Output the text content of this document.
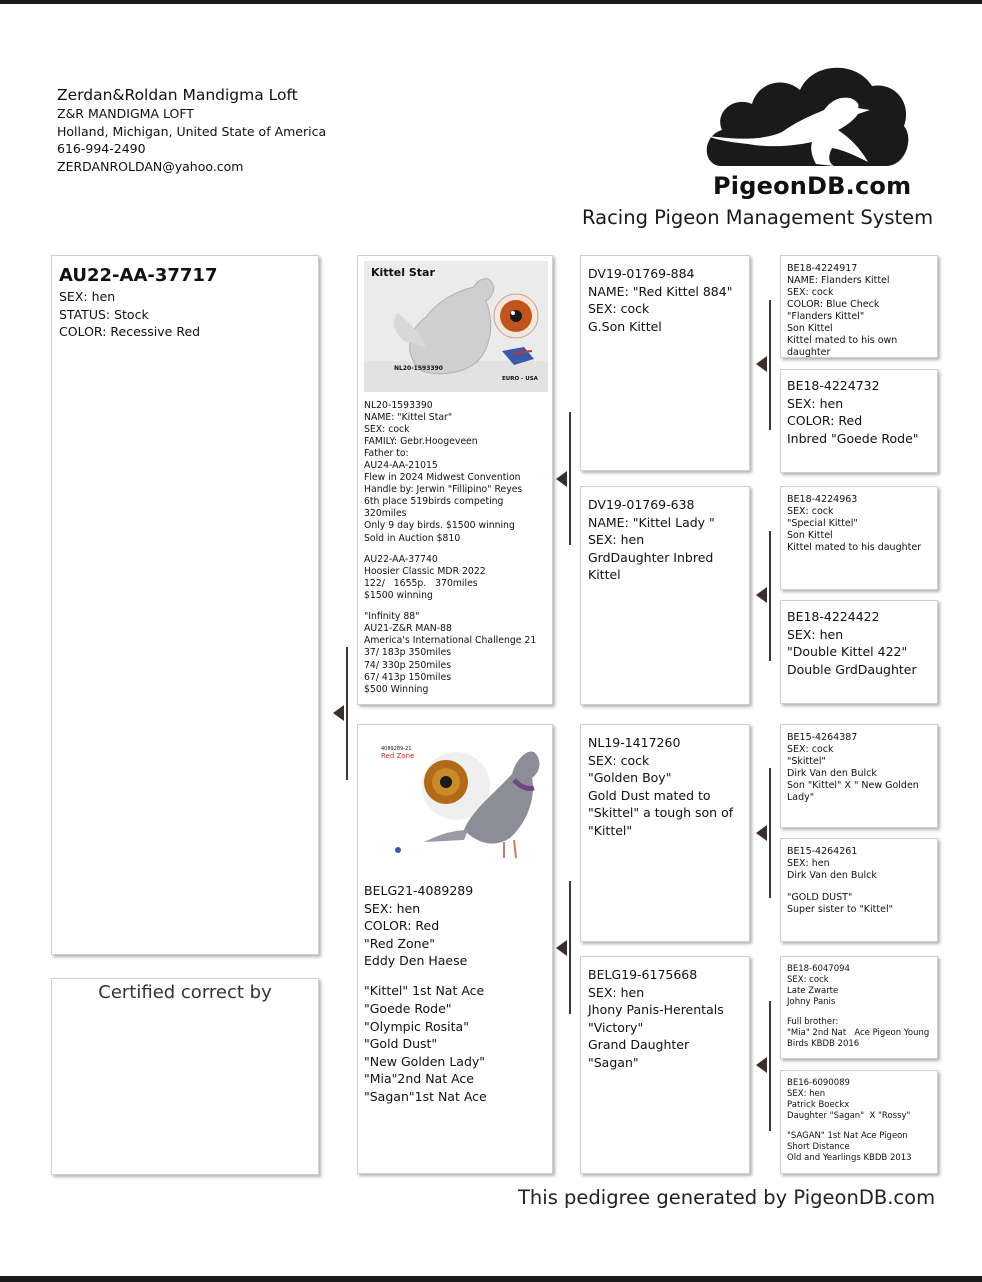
Zerdan&Roldan Mandigma Loft
Z&R MANDIGMA LOFT
Holland, Michigan, United State of America
616-994-2490
ZERDANROLDAN@yahoo.com
PigeonDB.com
Racing Pigeon Management System
AU22-AA-37717
SEX: hen
STATUS: Stock
COLOR: Recessive Red
Certified correct by
Kittel Star
NL20-1593390
EURO - USA
NL20-1593390
NAME: "Kittel Star"
SEX: cock
FAMILY: Gebr.Hoogeveen
Father to:
AU24-AA-21015
Flew in 2024 Midwest Convention
Handle by: Jerwin "Fillipino" Reyes
6th place 519birds competing  320miles
Only 9 day birds. $1500 winning
Sold in Auction $810
AU22-AA-37740
Hoosier Classic MDR 2022
122/   1655p.   370miles
$1500 winning
"Infinity 88"
AU21-Z&R MAN-88
America's International Challenge 21
37/ 183p 350miles
74/ 330p 250miles
67/ 413p 150miles
$500 Winning
4089289-21
Red Zone
BELG21-4089289
SEX: hen
COLOR: Red
"Red Zone"
Eddy Den Haese
"Kittel" 1st Nat Ace
"Goede Rode"
"Olympic Rosita"
"Gold Dust"
"New Golden Lady"
"Mia"2nd Nat Ace
"Sagan"1st Nat Ace
DV19-01769-884
NAME: "Red Kittel 884"
SEX: cock
G.Son Kittel
DV19-01769-638
NAME: "Kittel Lady "
SEX: hen
GrdDaughter Inbred
Kittel
NL19-1417260
SEX: cock
"Golden Boy"
Gold Dust mated to
"Skittel" a tough son of
"Kittel"
BELG19-6175668
SEX: hen
Jhony Panis-Herentals
"Victory"
Grand Daughter "Sagan"
BE18-4224917
NAME: Flanders Kittel
SEX: cock
COLOR: Blue Check
"Flanders Kittel"
Son Kittel
Kittel mated to his own daughter
BE18-4224732
SEX: hen
COLOR: Red
Inbred "Goede Rode"
BE18-4224963
SEX: cock
"Special Kittel"
Son Kittel
Kittel mated to his daughter
BE18-4224422
SEX: hen
"Double Kittel 422"
Double GrdDaughter
BE15-4264387
SEX: cock
"Skittel"
Dirk Van den Bulck
Son "Kittel" X " New Golden Lady"
BE15-4264261
SEX: hen
Dirk Van den Bulck
"GOLD DUST"
Super sister to "Kittel"
BE18-6047094
SEX: cock
Late Zwarte
Johny Panis
Full brother:
"Mia" 2nd Nat   Ace Pigeon Young Birds KBDB 2016
BE16-6090089
SEX: hen
Patrick Boeckx
Daughter "Sagan"  X "Rossy"
"SAGAN" 1st Nat Ace Pigeon Short Distance
Old and Yearlings KBDB 2013
This pedigree generated by PigeonDB.com
